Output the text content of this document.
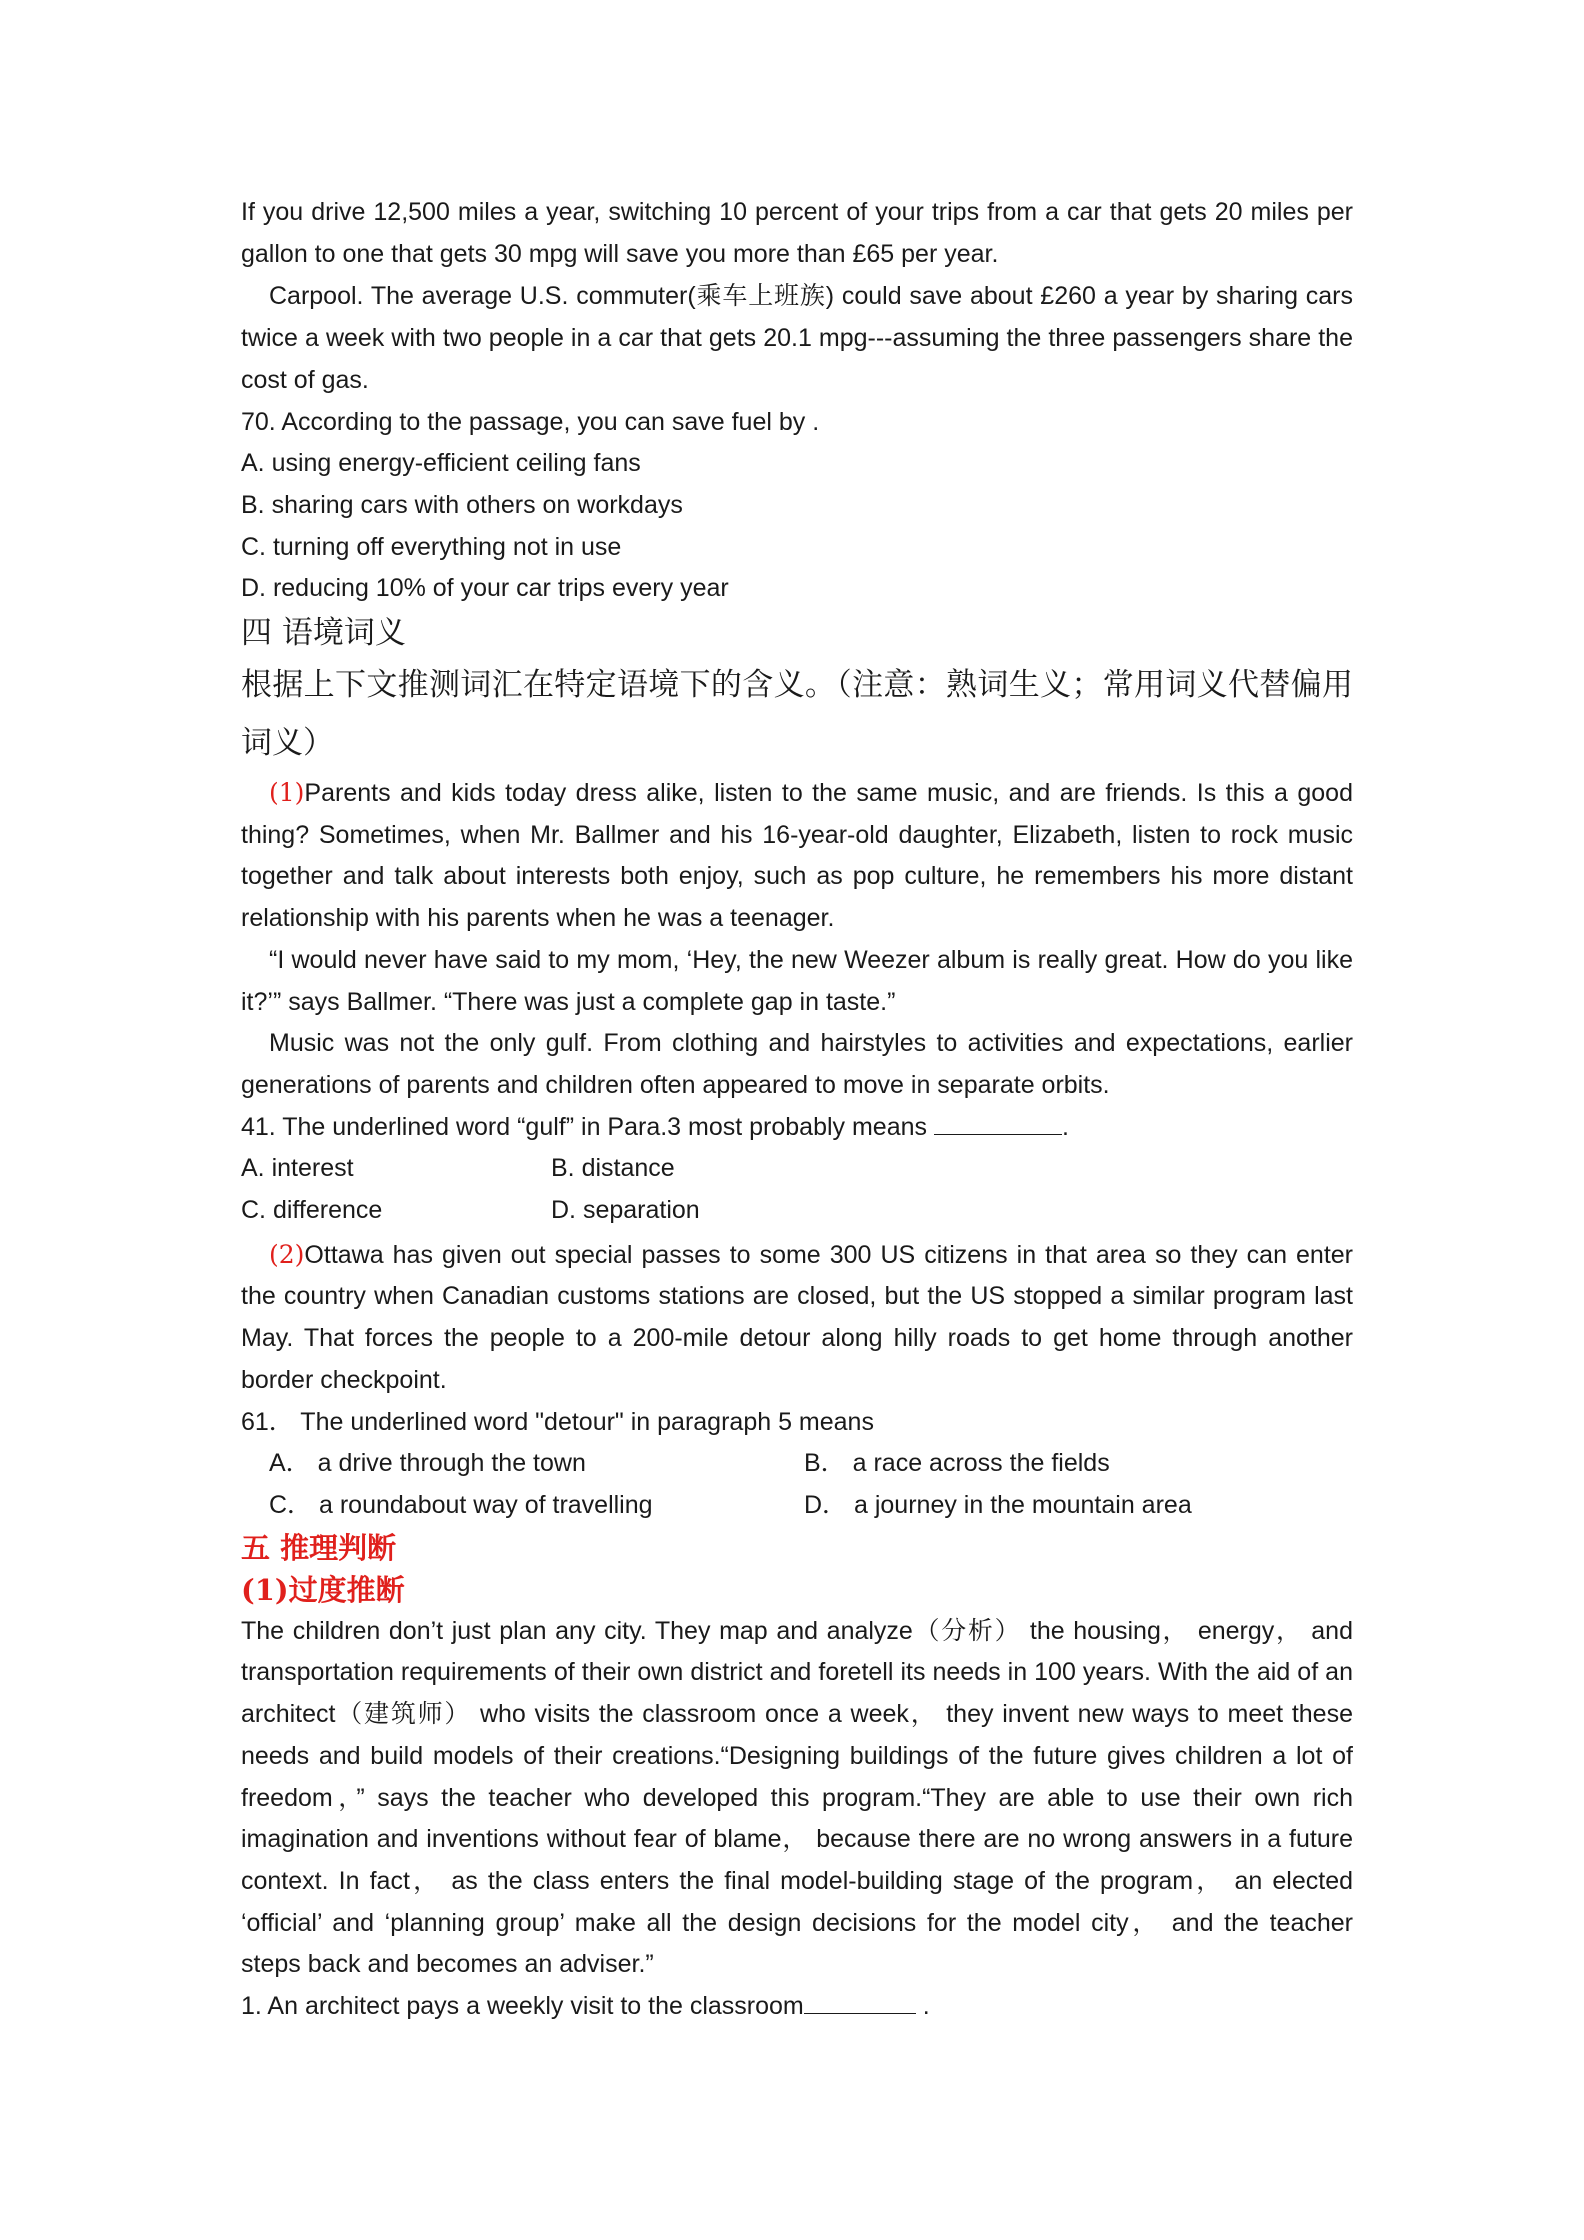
If you drive 12,500 miles a year, switching 10 percent of your trips from a car that gets 20 miles per gallon to one that gets 30 mpg will save you more than £65 per year.

Carpool. The average U.S. commuter(乘车上班族) could save about £260 a year by sharing cars twice a week with two people in a car that gets 20.1 mpg---assuming the three passengers share the cost of gas.

70. According to the passage, you can save fuel by .

A. using energy-efficient ceiling fans

B. sharing cars with others on workdays

C. turning off everything not in use

D. reducing 10% of your car trips every year

四 语境词义

根据上下文推测词汇在特定语境下的含义。（注意：熟词生义；常用词义代替偏用词义）

(1)Parents and kids today dress alike, listen to the same music, and are friends. Is this a good thing? Sometimes, when Mr. Ballmer and his 16-year-old daughter, Elizabeth, listen to rock music together and talk about interests both enjoy, such as pop culture, he remembers his more distant relationship with his parents when he was a teenager.

“I would never have said to my mom, ‘Hey, the new Weezer album is really great. How do you like it?’” says Ballmer. “There was just a complete gap in taste.”

Music was not the only gulf. From clothing and hairstyles to activities and expectations, earlier generations of parents and children often appeared to move in separate orbits.

41. The underlined word “gulf” in Para.3 most probably means	.

A. interest	B. distance
C. difference	D. separation

(2)Ottawa has given out special passes to some 300 US citizens in that area so they can enter the country when Canadian customs stations are closed, but the US stopped a similar program last May. That forces the people to a 200-mile detour along hilly roads to get home through another border checkpoint.

61． The underlined word "detour" in paragraph 5 means

A． a drive through the town	B． a race across the fields
C． a roundabout way of travelling	D． a journey in the mountain area

五 推理判断

(1)过度推断

The children don’t just plan any city. They map and analyze（分析） the housing， energy， and transportation requirements of their own district and foretell its needs in 100 years. With the aid of an architect（建筑师） who visits the classroom once a week， they invent new ways to meet these needs and build models of their creations.“Designing buildings of the future gives children a lot of freedom，” says the teacher who developed this program.“They are able to use their own rich imagination and inventions without fear of blame， because there are no wrong answers in a future context. In fact， as the class enters the final model-building stage of the program， an elected ‘official’ and ‘planning group’ make all the design decisions for the model city， and the teacher steps back and becomes an adviser.”

1. An architect pays a weekly visit to the classroom	.
